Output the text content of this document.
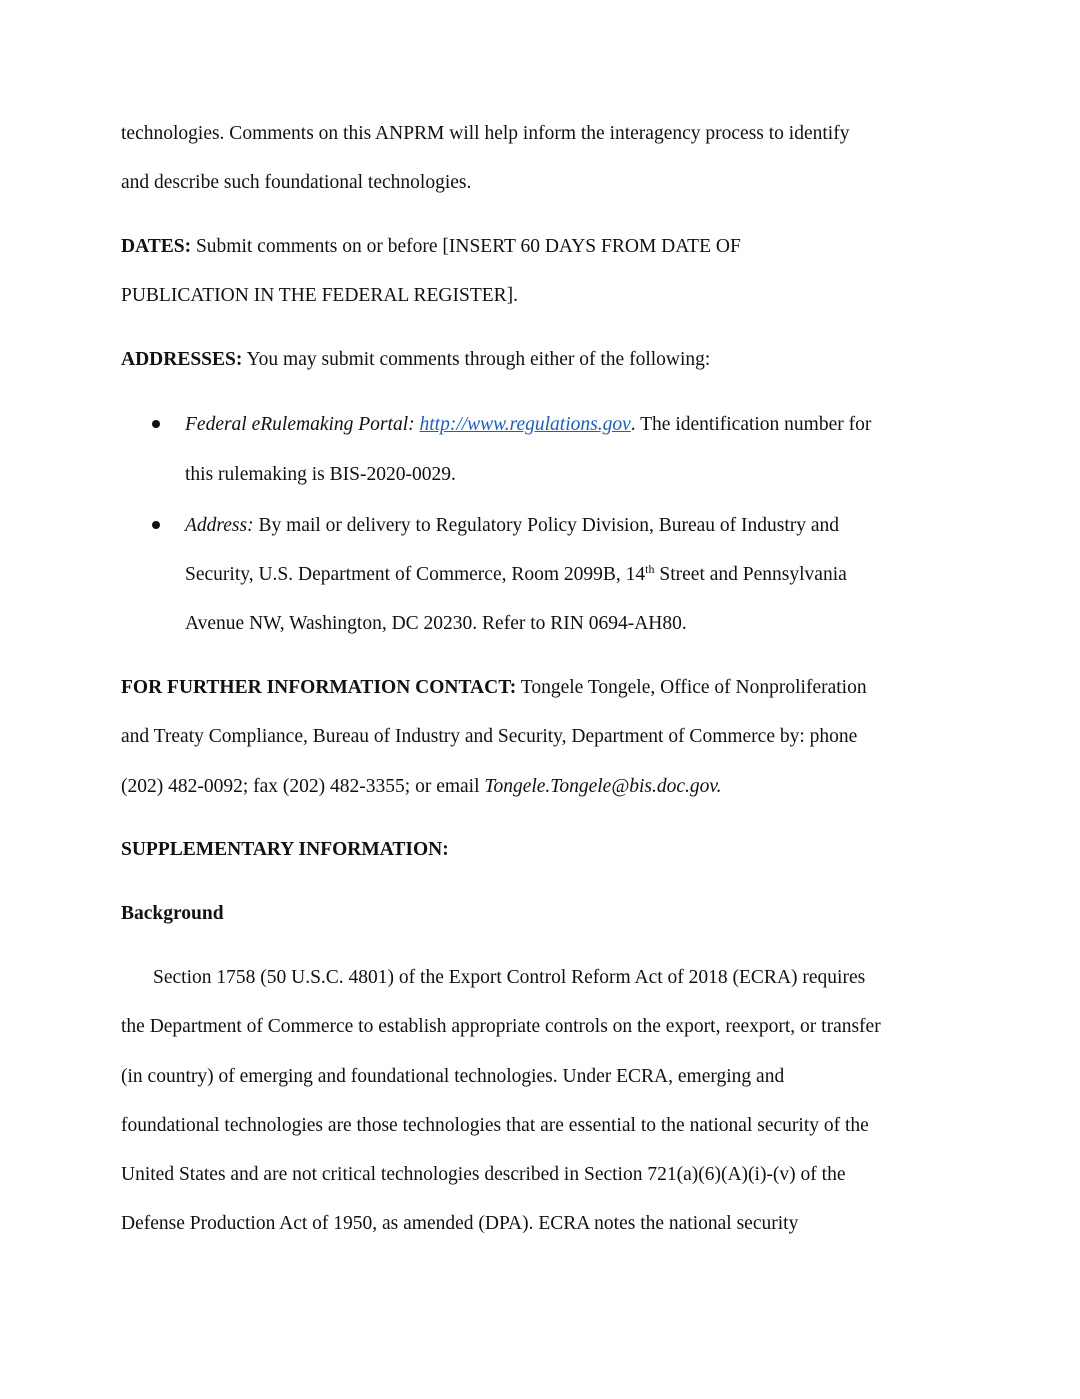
technologies. Comments on this ANPRM will help inform the interagency process to identify
and describe such foundational technologies.
DATES: Submit comments on or before [INSERT 60 DAYS FROM DATE OF
PUBLICATION IN THE FEDERAL REGISTER].
ADDRESSES: You may submit comments through either of the following:
Federal eRulemaking Portal: http://www.regulations.gov. The identification number for
this rulemaking is BIS-2020-0029.
Address: By mail or delivery to Regulatory Policy Division, Bureau of Industry and
Security, U.S. Department of Commerce, Room 2099B, 14th Street and Pennsylvania
Avenue NW, Washington, DC 20230. Refer to RIN 0694-AH80.
FOR FURTHER INFORMATION CONTACT: Tongele Tongele, Office of Nonproliferation
and Treaty Compliance, Bureau of Industry and Security, Department of Commerce by: phone
(202) 482-0092; fax (202) 482-3355; or email Tongele.Tongele@bis.doc.gov.
SUPPLEMENTARY INFORMATION:
Background
Section 1758 (50 U.S.C. 4801) of the Export Control Reform Act of 2018 (ECRA) requires
the Department of Commerce to establish appropriate controls on the export, reexport, or transfer
(in country) of emerging and foundational technologies. Under ECRA, emerging and
foundational technologies are those technologies that are essential to the national security of the
United States and are not critical technologies described in Section 721(a)(6)(A)(i)-(v) of the
Defense Production Act of 1950, as amended (DPA). ECRA notes the national security
